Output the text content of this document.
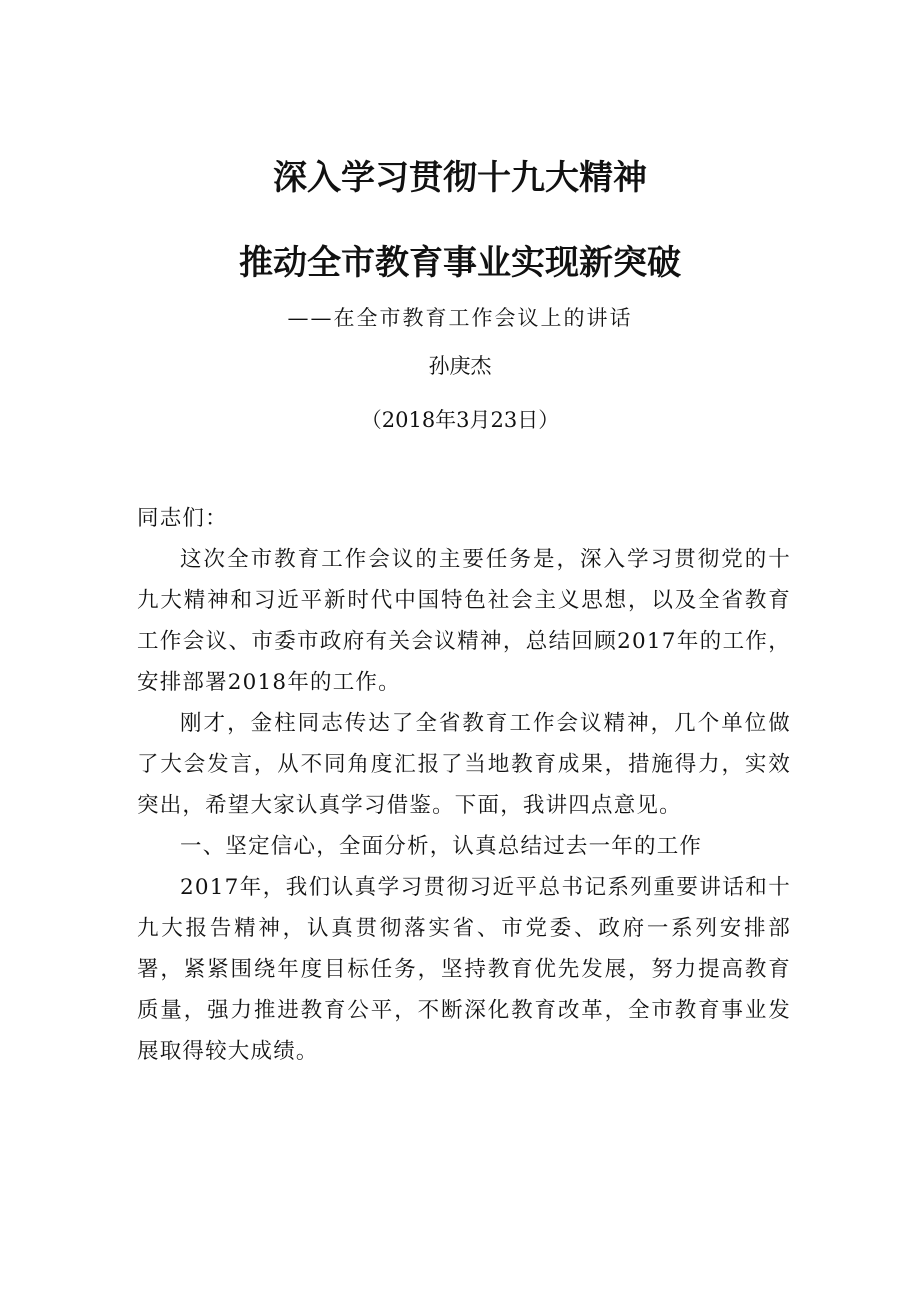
深入学习贯彻十九大精神
推动全市教育事业实现新突破
——在全市教育工作会议上的讲话
孙庚杰
（2018年3月23日）

同志们：

这次全市教育工作会议的主要任务是，深入学习贯彻党的十九大精神和习近平新时代中国特色社会主义思想，以及全省教育工作会议、市委市政府有关会议精神，总结回顾2017年的工作，安排部署2018年的工作。

刚才，金柱同志传达了全省教育工作会议精神，几个单位做了大会发言，从不同角度汇报了当地教育成果，措施得力，实效突出，希望大家认真学习借鉴。下面，我讲四点意见。

一、坚定信心，全面分析，认真总结过去一年的工作

2017年，我们认真学习贯彻习近平总书记系列重要讲话和十九大报告精神，认真贯彻落实省、市党委、政府一系列安排部署，紧紧围绕年度目标任务，坚持教育优先发展，努力提高教育质量，强力推进教育公平，不断深化教育改革，全市教育事业发展取得较大成绩。
